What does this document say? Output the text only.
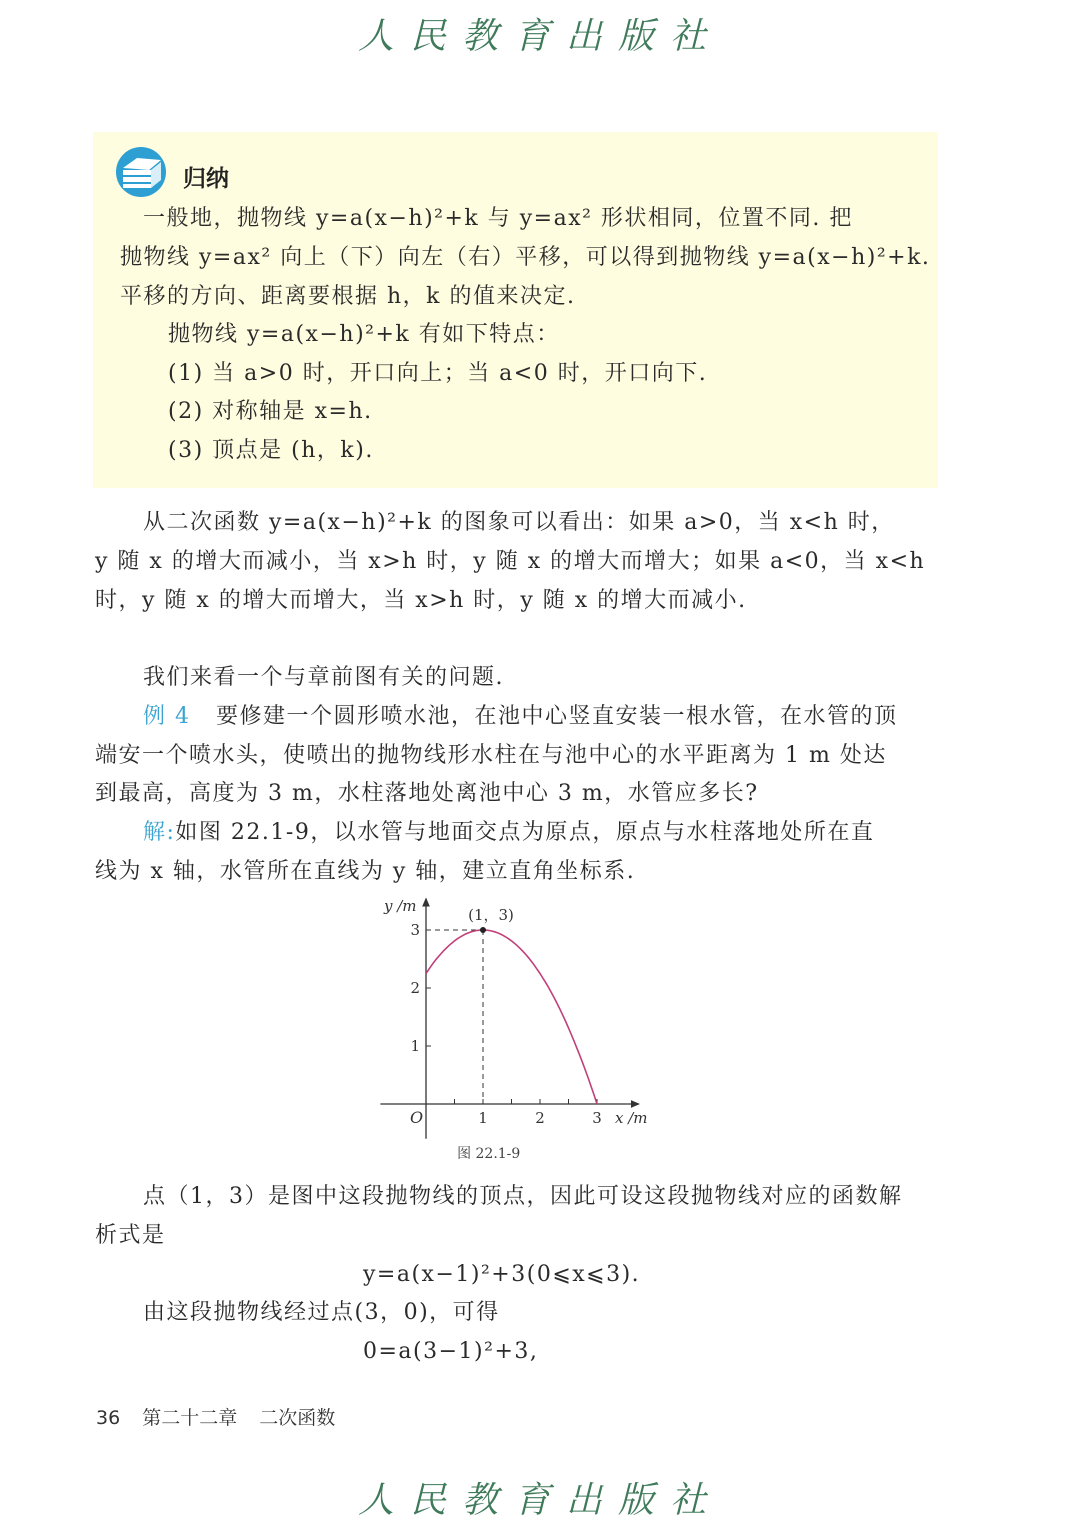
人民教育出版社
归纳
一般地，抛物线 y=a(x−h)²+k 与 y=ax² 形状相同，位置不同. 把
抛物线 y=ax² 向上（下）向左（右）平移，可以得到抛物线 y=a(x−h)²+k.
平移的方向、距离要根据 h，k 的值来决定.
抛物线 y=a(x−h)²+k 有如下特点：
(1) 当 a>0 时，开口向上；当 a<0 时，开口向下.
(2) 对称轴是 x=h.
(3) 顶点是 (h，k).
从二次函数 y=a(x−h)²+k 的图象可以看出：如果 a>0，当 x<h 时，
y 随 x 的增大而减小，当 x>h 时，y 随 x 的增大而增大；如果 a<0，当 x<h
时，y 随 x 的增大而增大，当 x>h 时，y 随 x 的增大而减小.
我们来看一个与章前图有关的问题.
例 4 要修建一个圆形喷水池，在池中心竖直安装一根水管，在水管的顶
端安一个喷水头，使喷出的抛物线形水柱在与池中心的水平距离为 1 m 处达
到最高，高度为 3 m，水柱落地处离池中心 3 m，水管应多长?
解:如图 22.1-9，以水管与地面交点为原点，原点与水柱落地处所在直
线为 x 轴，水管所在直线为 y 轴，建立直角坐标系.
1	2	3
1
2
3
(1，3)
x /m
y /m
O
图 22.1-9
点（1，3）是图中这段抛物线的顶点，因此可设这段抛物线对应的函数解
析式是
y=a(x−1)²+3(0⩽x⩽3).
由这段抛物线经过点(3，0)，可得
0=a(3−1)²+3,
36 第二十二章 二次函数
人民教育出版社
